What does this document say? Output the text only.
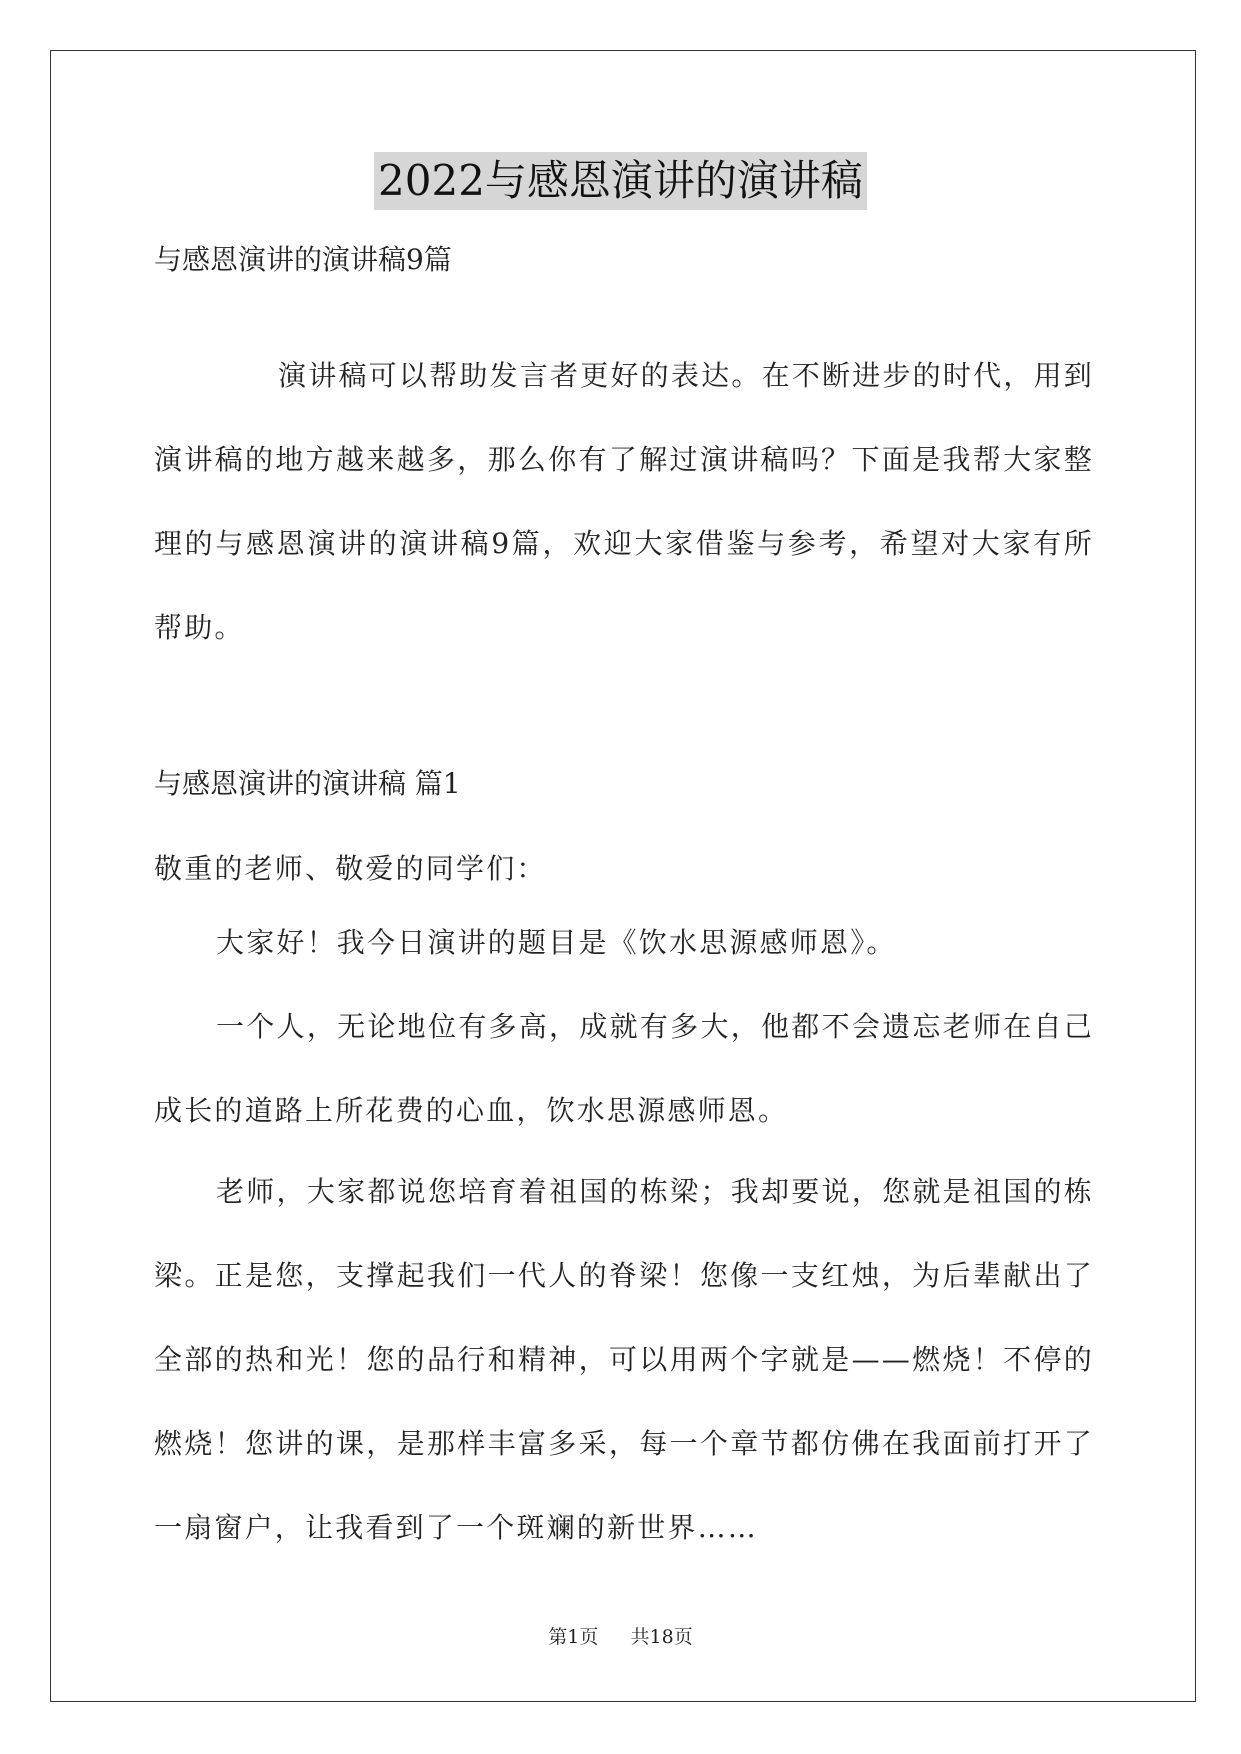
2022与感恩演讲的演讲稿
与感恩演讲的演讲稿9篇
演讲稿可以帮助发言者更好的表达。在不断进步的时代，用到演讲稿的地方越来越多，那么你有了解过演讲稿吗？下面是我帮大家整理的与感恩演讲的演讲稿9篇，欢迎大家借鉴与参考，希望对大家有所帮助。
与感恩演讲的演讲稿 篇1
敬重的老师、敬爱的同学们：
大家好！我今日演讲的题目是《饮水思源感师恩》。
一个人，无论地位有多高，成就有多大，他都不会遗忘老师在自己成长的道路上所花费的心血，饮水思源感师恩。
老师，大家都说您培育着祖国的栋梁；我却要说，您就是祖国的栋梁。正是您，支撑起我们一代人的脊梁！您像一支红烛，为后辈献出了全部的热和光！您的品行和精神，可以用两个字就是——燃烧！不停的燃烧！您讲的课，是那样丰富多采，每一个章节都仿佛在我面前打开了一扇窗户，让我看到了一个斑斓的新世界……
第1页 共18页
